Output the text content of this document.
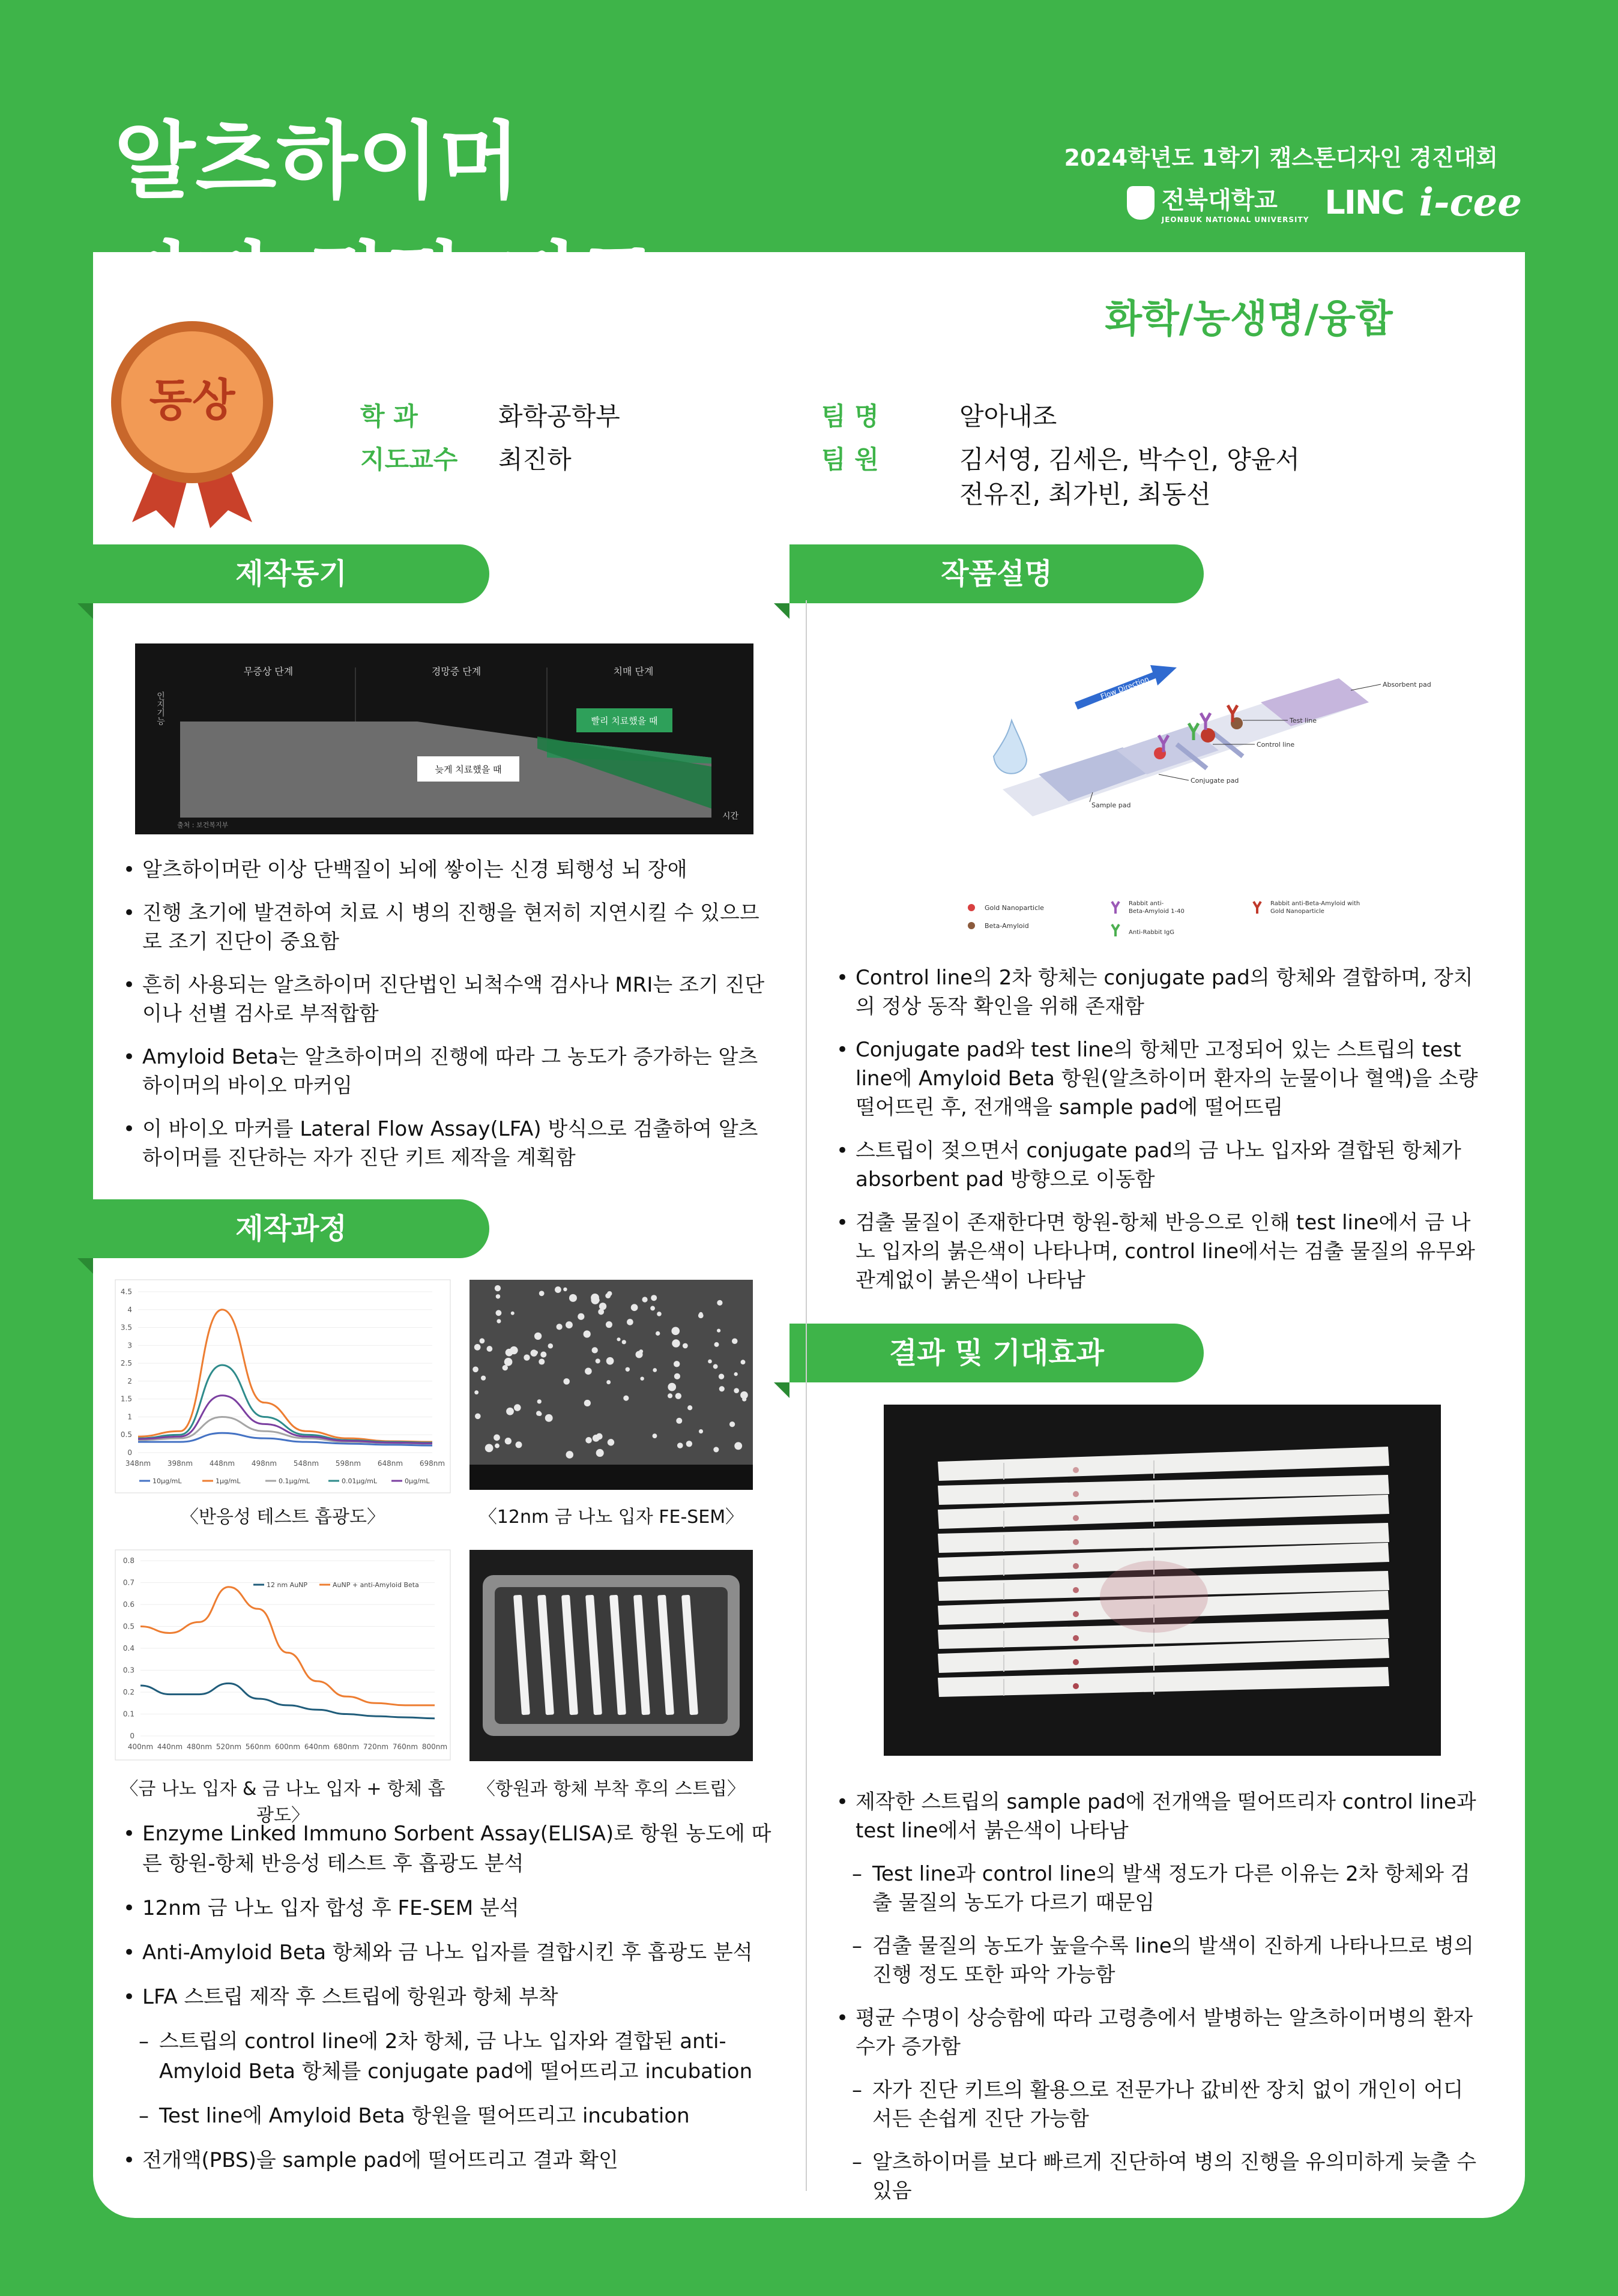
알츠하이머	2024학년도 1학기 캡스톤디자인 경진대회
전북대학교
JEONBUK NATIONAL UNIVERSITY LINC i-cee
화학/농생명/융합
동상	학 과	화학공학부
지도교수 최진하
팀 명	알아내조
팀 원	김서영, 김세은, 박수인, 양윤서
전유진, 최가빈, 최동선
제작동기	작품설명
제작과정
결과 및 기대효과
무증상 단계	경망증 단계	치매 단계
빨리 치료했을 때
늦게 치료했을 때
인지기능
시간
출처 : 보건복지부
• 알츠하이머란 이상 단백질이 뇌에 쌓이는 신경 퇴행성 뇌 장애
• 진행 초기에 발견하여 치료 시 병의 진행을 현저히 지연시킬 수 있으므로 조기 진단이 중요함
• 흔히 사용되는 알츠하이머 진단법인 뇌척수액 검사나 MRI는 조기 진단이나 선별 검사로 부적합함
• Amyloid Beta는 알츠하이머의 진행에 따라 그 농도가 증가하는 알츠하이머의 바이오 마커임
• 이 바이오 마커를 Lateral Flow Assay(LFA) 방식으로 검출하여 알츠하이머를 진단하는 자가 진단 키트 제작을 계획함
0
0.5
1
1.5
2
2.5
3
3.5
4
4.5
348nm 398nm 448nm 498nm 548nm 598nm 648nm 698nm
10μg/mL	1μg/mL	0.1μg/mL	0.01μg/mL	0μg/mL
〈반응성 테스트 흡광도〉	〈12nm 금 나노 입자 FE-SEM〉
0
0.1
0.2
0.3
0.4
0.5
0.6
0.7
0.8
400nm 440nm 480nm 520nm 560nm 600nm 640nm 680nm 720nm 760nm 800nm
12 nm AuNP	AuNP + anti-Amyloid Beta
〈금 나노 입자 & 금 나노 입자 + 항체 흡광도〉
〈항원과 항체 부착 후의 스트립〉
• Enzyme Linked Immuno Sorbent Assay(ELISA)로 항원 농도에 따른 항원-항체 반응성 테스트 후 흡광도 분석
• 12nm 금 나노 입자 합성 후 FE-SEM 분석
• Anti-Amyloid Beta 항체와 금 나노 입자를 결합시킨 후 흡광도 분석
• LFA 스트립 제작 후 스트립에 항원과 항체 부착
– 스트립의 control line에 2차 항체, 금 나노 입자와 결합된 anti-Amyloid Beta 항체를 conjugate pad에 떨어뜨리고 incubation
– Test line에 Amyloid Beta 항원을 떨어뜨리고 incubation
• 전개액(PBS)을 sample pad에 떨어뜨리고 결과 확인
Flow Direction	Absorbent pad
Test line
Control line
Conjugate pad
Sample pad
Gold Nanoparticle
Beta-Amyloid
Rabbit anti-
Beta-Amyloid 1-40
Anti-Rabbit IgG
Rabbit anti-Beta-Amyloid with
Gold Nanoparticle
• Control line의 2차 항체는 conjugate pad의 항체와 결합하며, 장치의 정상 동작 확인을 위해 존재함
• Conjugate pad와 test line의 항체만 고정되어 있는 스트립의 test line에 Amyloid Beta 항원(알츠하이머 환자의 눈물이나 혈액)을 소량 떨어뜨린 후, 전개액을 sample pad에 떨어뜨림
• 스트립이 젖으면서 conjugate pad의 금 나노 입자와 결합된 항체가 absorbent pad 방향으로 이동함
• 검출 물질이 존재한다면 항원-항체 반응으로 인해 test line에서 금 나노 입자의 붉은색이 나타나며, control line에서는 검출 물질의 유무와 관계없이 붉은색이 나타남
• 제작한 스트립의 sample pad에 전개액을 떨어뜨리자 control line과 test line에서 붉은색이 나타남
– Test line과 control line의 발색 정도가 다른 이유는 2차 항체와 검출 물질의 농도가 다르기 때문임
– 검출 물질의 농도가 높을수록 line의 발색이 진하게 나타나므로 병의 진행 정도 또한 파악 가능함
• 평균 수명이 상승함에 따라 고령층에서 발병하는 알츠하이머병의 환자수가 증가함
– 자가 진단 키트의 활용으로 전문가나 값비싼 장치 없이 개인이 어디서든 손쉽게 진단 가능함
– 알츠하이머를 보다 빠르게 진단하여 병의 진행을 유의미하게 늦출 수 있음
